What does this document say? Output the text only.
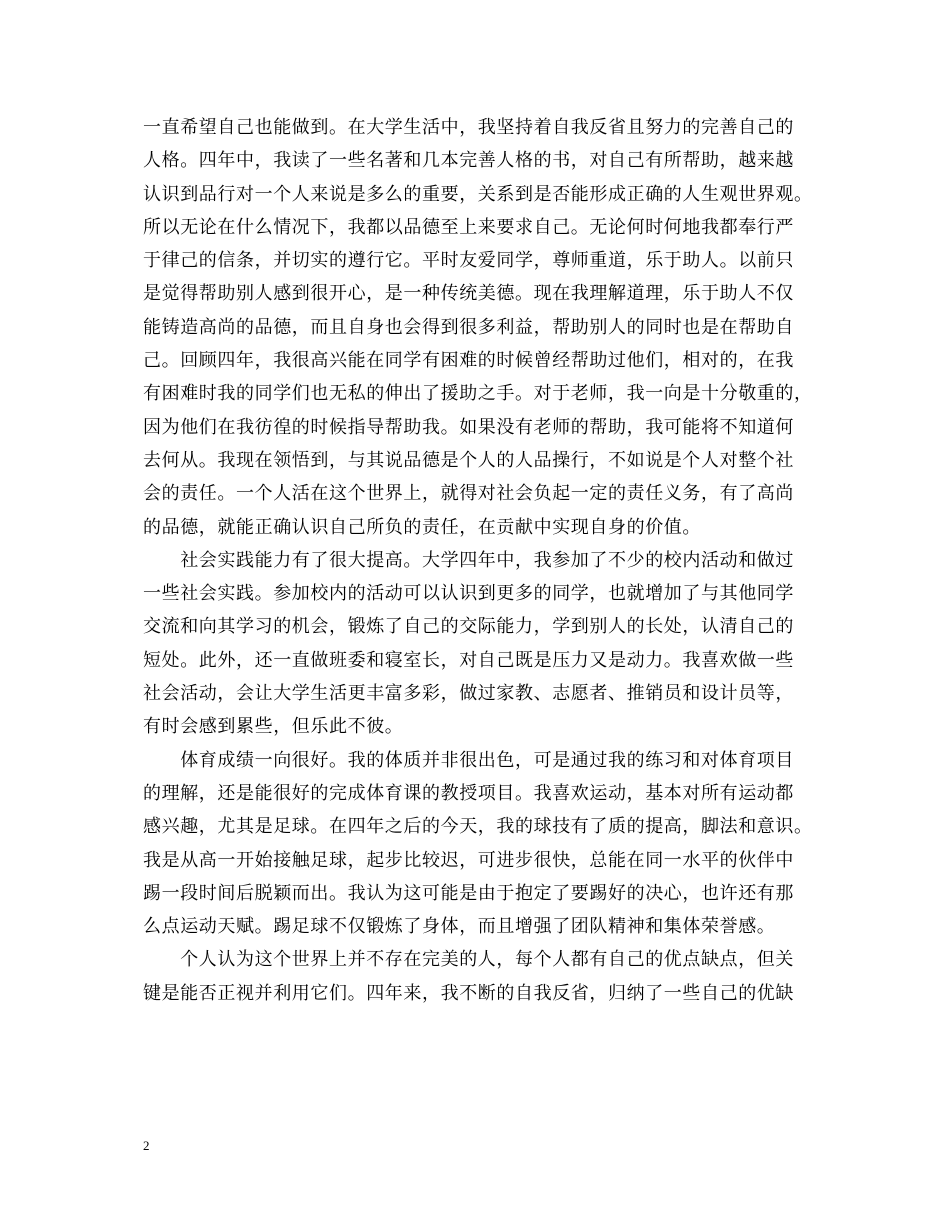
一直希望自己也能做到。在大学生活中，我坚持着自我反省且努力的完善自己的
人格。四年中，我读了一些名著和几本完善人格的书，对自己有所帮助，越来越
认识到品行对一个人来说是多么的重要，关系到是否能形成正确的人生观世界观。
所以无论在什么情况下，我都以品德至上来要求自己。无论何时何地我都奉行严
于律己的信条，并切实的遵行它。平时友爱同学，尊师重道，乐于助人。以前只
是觉得帮助别人感到很开心，是一种传统美德。现在我理解道理，乐于助人不仅
能铸造高尚的品德，而且自身也会得到很多利益，帮助别人的同时也是在帮助自
己。回顾四年，我很高兴能在同学有困难的时候曾经帮助过他们，相对的，在我
有困难时我的同学们也无私的伸出了援助之手。对于老师，我一向是十分敬重的，
因为他们在我彷徨的时候指导帮助我。如果没有老师的帮助，我可能将不知道何
去何从。我现在领悟到，与其说品德是个人的人品操行，不如说是个人对整个社
会的责任。一个人活在这个世界上，就得对社会负起一定的责任义务，有了高尚
的品德，就能正确认识自己所负的责任，在贡献中实现自身的价值。
　　社会实践能力有了很大提高。大学四年中，我参加了不少的校内活动和做过
一些社会实践。参加校内的活动可以认识到更多的同学，也就增加了与其他同学
交流和向其学习的机会，锻炼了自己的交际能力，学到别人的长处，认清自己的
短处。此外，还一直做班委和寝室长，对自己既是压力又是动力。我喜欢做一些
社会活动，会让大学生活更丰富多彩，做过家教、志愿者、推销员和设计员等，
有时会感到累些，但乐此不彼。
　　体育成绩一向很好。我的体质并非很出色，可是通过我的练习和对体育项目
的理解，还是能很好的完成体育课的教授项目。我喜欢运动，基本对所有运动都
感兴趣，尤其是足球。在四年之后的今天，我的球技有了质的提高，脚法和意识。
我是从高一开始接触足球，起步比较迟，可进步很快，总能在同一水平的伙伴中
踢一段时间后脱颖而出。我认为这可能是由于抱定了要踢好的决心，也许还有那
么点运动天赋。踢足球不仅锻炼了身体，而且增强了团队精神和集体荣誉感。
　　个人认为这个世界上并不存在完美的人，每个人都有自己的优点缺点，但关
键是能否正视并利用它们。四年来，我不断的自我反省，归纳了一些自己的优缺
2
